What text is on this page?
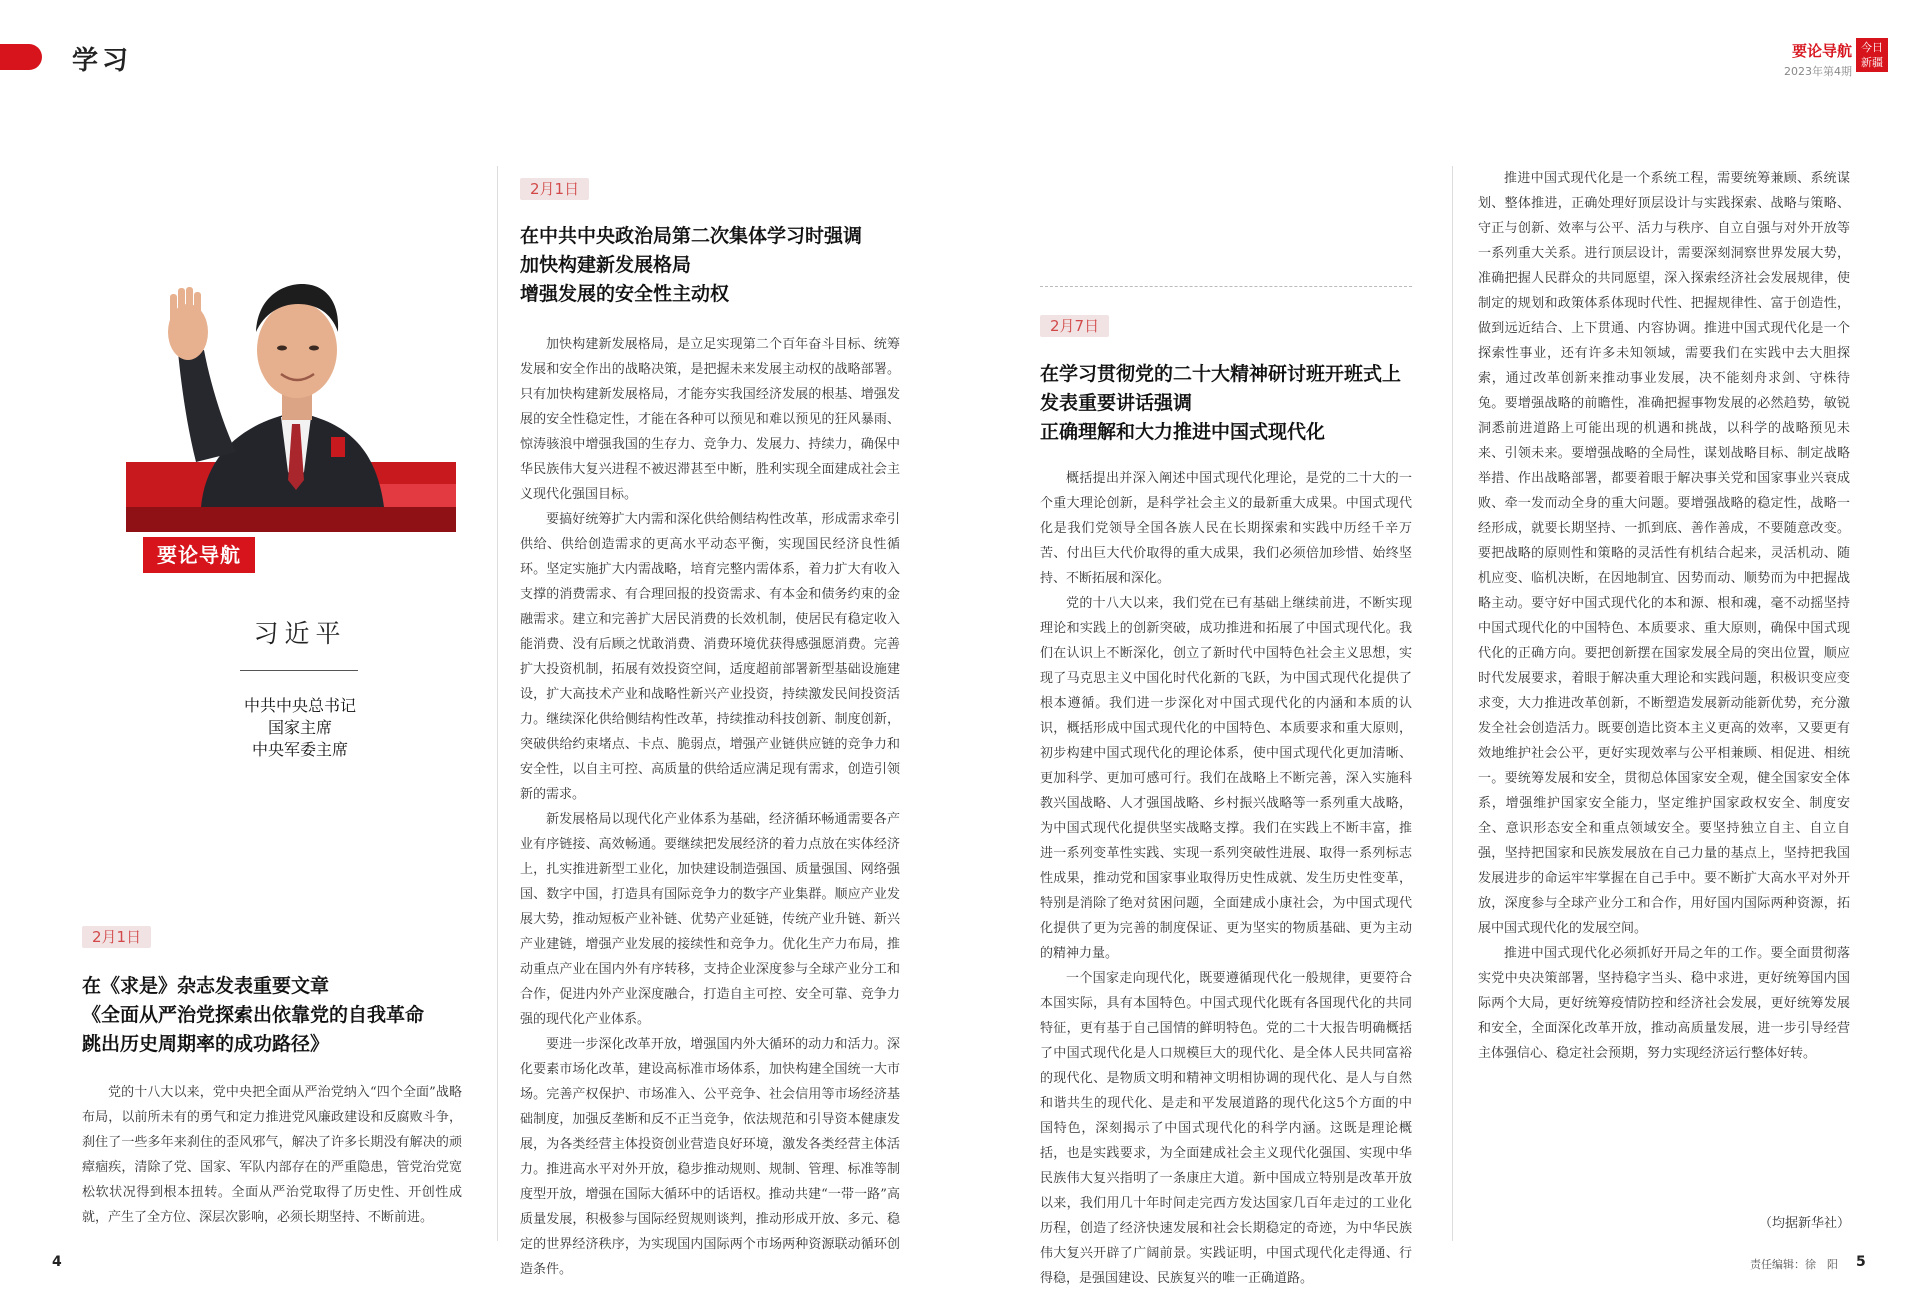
学习	要论导航
2023年第4期
今日
新疆
要论导航
习近平
中共中央总书记
国家主席
中央军委主席
2月1日
在《求是》杂志发表重要文章
《全面从严治党探索出依靠党的自我革命
跳出历史周期率的成功路径》

党的十八大以来，党中央把全面从严治党纳入“四个全面”战略布局，以前所未有的勇气和定力推进党风廉政建设和反腐败斗争，刹住了一些多年来刹住的歪风邪气，解决了许多长期没有解决的顽瘴痼疾，清除了党、国家、军队内部存在的严重隐患，管党治党宽松软状况得到根本扭转。全面从严治党取得了历史性、开创性成就，产生了全方位、深层次影响，必须长期坚持、不断前进。

2月1日
在中共中央政治局第二次集体学习时强调
加快构建新发展格局
增强发展的安全性主动权

加快构建新发展格局，是立足实现第二个百年奋斗目标、统筹发展和安全作出的战略决策，是把握未来发展主动权的战略部署。只有加快构建新发展格局，才能夯实我国经济发展的根基、增强发展的安全性稳定性，才能在各种可以预见和难以预见的狂风暴雨、惊涛骇浪中增强我国的生存力、竞争力、发展力、持续力，确保中华民族伟大复兴进程不被迟滞甚至中断，胜利实现全面建成社会主义现代化强国目标。

要搞好统筹扩大内需和深化供给侧结构性改革，形成需求牵引供给、供给创造需求的更高水平动态平衡，实现国民经济良性循环。坚定实施扩大内需战略，培育完整内需体系，着力扩大有收入支撑的消费需求、有合理回报的投资需求、有本金和债务约束的金融需求。建立和完善扩大居民消费的长效机制，使居民有稳定收入能消费、没有后顾之忧敢消费、消费环境优获得感强愿消费。完善扩大投资机制，拓展有效投资空间，适度超前部署新型基础设施建设，扩大高技术产业和战略性新兴产业投资，持续激发民间投资活力。继续深化供给侧结构性改革，持续推动科技创新、制度创新，突破供给约束堵点、卡点、脆弱点，增强产业链供应链的竞争力和安全性，以自主可控、高质量的供给适应满足现有需求，创造引领新的需求。

新发展格局以现代化产业体系为基础，经济循环畅通需要各产业有序链接、高效畅通。要继续把发展经济的着力点放在实体经济上，扎实推进新型工业化，加快建设制造强国、质量强国、网络强国、数字中国，打造具有国际竞争力的数字产业集群。顺应产业发展大势，推动短板产业补链、优势产业延链，传统产业升链、新兴产业建链，增强产业发展的接续性和竞争力。优化生产力布局，推动重点产业在国内外有序转移，支持企业深度参与全球产业分工和合作，促进内外产业深度融合，打造自主可控、安全可靠、竞争力强的现代化产业体系。

要进一步深化改革开放，增强国内外大循环的动力和活力。深化要素市场化改革，建设高标准市场体系，加快构建全国统一大市场。完善产权保护、市场准入、公平竞争、社会信用等市场经济基础制度，加强反垄断和反不正当竞争，依法规范和引导资本健康发展，为各类经营主体投资创业营造良好环境，激发各类经营主体活力。推进高水平对外开放，稳步推动规则、规制、管理、标准等制度型开放，增强在国际大循环中的话语权。推动共建“一带一路”高质量发展，积极参与国际经贸规则谈判，推动形成开放、多元、稳定的世界经济秩序，为实现国内国际两个市场两种资源联动循环创造条件。

2月7日
在学习贯彻党的二十大精神研讨班开班式上
发表重要讲话强调
正确理解和大力推进中国式现代化

概括提出并深入阐述中国式现代化理论，是党的二十大的一个重大理论创新，是科学社会主义的最新重大成果。中国式现代化是我们党领导全国各族人民在长期探索和实践中历经千辛万苦、付出巨大代价取得的重大成果，我们必须倍加珍惜、始终坚持、不断拓展和深化。

党的十八大以来，我们党在已有基础上继续前进，不断实现理论和实践上的创新突破，成功推进和拓展了中国式现代化。我们在认识上不断深化，创立了新时代中国特色社会主义思想，实现了马克思主义中国化时代化新的飞跃，为中国式现代化提供了根本遵循。我们进一步深化对中国式现代化的内涵和本质的认识，概括形成中国式现代化的中国特色、本质要求和重大原则，初步构建中国式现代化的理论体系，使中国式现代化更加清晰、更加科学、更加可感可行。我们在战略上不断完善，深入实施科教兴国战略、人才强国战略、乡村振兴战略等一系列重大战略，为中国式现代化提供坚实战略支撑。我们在实践上不断丰富，推进一系列变革性实践、实现一系列突破性进展、取得一系列标志性成果，推动党和国家事业取得历史性成就、发生历史性变革，特别是消除了绝对贫困问题，全面建成小康社会，为中国式现代化提供了更为完善的制度保证、更为坚实的物质基础、更为主动的精神力量。

一个国家走向现代化，既要遵循现代化一般规律，更要符合本国实际，具有本国特色。中国式现代化既有各国现代化的共同特征，更有基于自己国情的鲜明特色。党的二十大报告明确概括了中国式现代化是人口规模巨大的现代化、是全体人民共同富裕的现代化、是物质文明和精神文明相协调的现代化、是人与自然和谐共生的现代化、是走和平发展道路的现代化这5个方面的中国特色，深刻揭示了中国式现代化的科学内涵。这既是理论概括，也是实践要求，为全面建成社会主义现代化强国、实现中华民族伟大复兴指明了一条康庄大道。新中国成立特别是改革开放以来，我们用几十年时间走完西方发达国家几百年走过的工业化历程，创造了经济快速发展和社会长期稳定的奇迹，为中华民族伟大复兴开辟了广阔前景。实践证明，中国式现代化走得通、行得稳，是强国建设、民族复兴的唯一正确道路。

推进中国式现代化是一个系统工程，需要统筹兼顾、系统谋划、整体推进，正确处理好顶层设计与实践探索、战略与策略、守正与创新、效率与公平、活力与秩序、自立自强与对外开放等一系列重大关系。进行顶层设计，需要深刻洞察世界发展大势，准确把握人民群众的共同愿望，深入探索经济社会发展规律，使制定的规划和政策体系体现时代性、把握规律性、富于创造性，做到远近结合、上下贯通、内容协调。推进中国式现代化是一个探索性事业，还有许多未知领域，需要我们在实践中去大胆探索，通过改革创新来推动事业发展，决不能刻舟求剑、守株待兔。要增强战略的前瞻性，准确把握事物发展的必然趋势，敏锐洞悉前进道路上可能出现的机遇和挑战，以科学的战略预见未来、引领未来。要增强战略的全局性，谋划战略目标、制定战略举措、作出战略部署，都要着眼于解决事关党和国家事业兴衰成败、牵一发而动全身的重大问题。要增强战略的稳定性，战略一经形成，就要长期坚持、一抓到底、善作善成，不要随意改变。要把战略的原则性和策略的灵活性有机结合起来，灵活机动、随机应变、临机决断，在因地制宜、因势而动、顺势而为中把握战略主动。要守好中国式现代化的本和源、根和魂，毫不动摇坚持中国式现代化的中国特色、本质要求、重大原则，确保中国式现代化的正确方向。要把创新摆在国家发展全局的突出位置，顺应时代发展要求，着眼于解决重大理论和实践问题，积极识变应变求变，大力推进改革创新，不断塑造发展新动能新优势，充分激发全社会创造活力。既要创造比资本主义更高的效率，又要更有效地维护社会公平，更好实现效率与公平相兼顾、相促进、相统一。要统筹发展和安全，贯彻总体国家安全观，健全国家安全体系，增强维护国家安全能力，坚定维护国家政权安全、制度安全、意识形态安全和重点领域安全。要坚持独立自主、自立自强，坚持把国家和民族发展放在自己力量的基点上，坚持把我国发展进步的命运牢牢掌握在自己手中。要不断扩大高水平对外开放，深度参与全球产业分工和合作，用好国内国际两种资源，拓展中国式现代化的发展空间。

推进中国式现代化必须抓好开局之年的工作。要全面贯彻落实党中央决策部署，坚持稳字当头、稳中求进，更好统筹国内国际两个大局，更好统筹疫情防控和经济社会发展，更好统筹发展和安全，全面深化改革开放，推动高质量发展，进一步引导经营主体强信心、稳定社会预期，努力实现经济运行整体好转。

（均据新华社）
4	责任编辑：徐　阳 5
